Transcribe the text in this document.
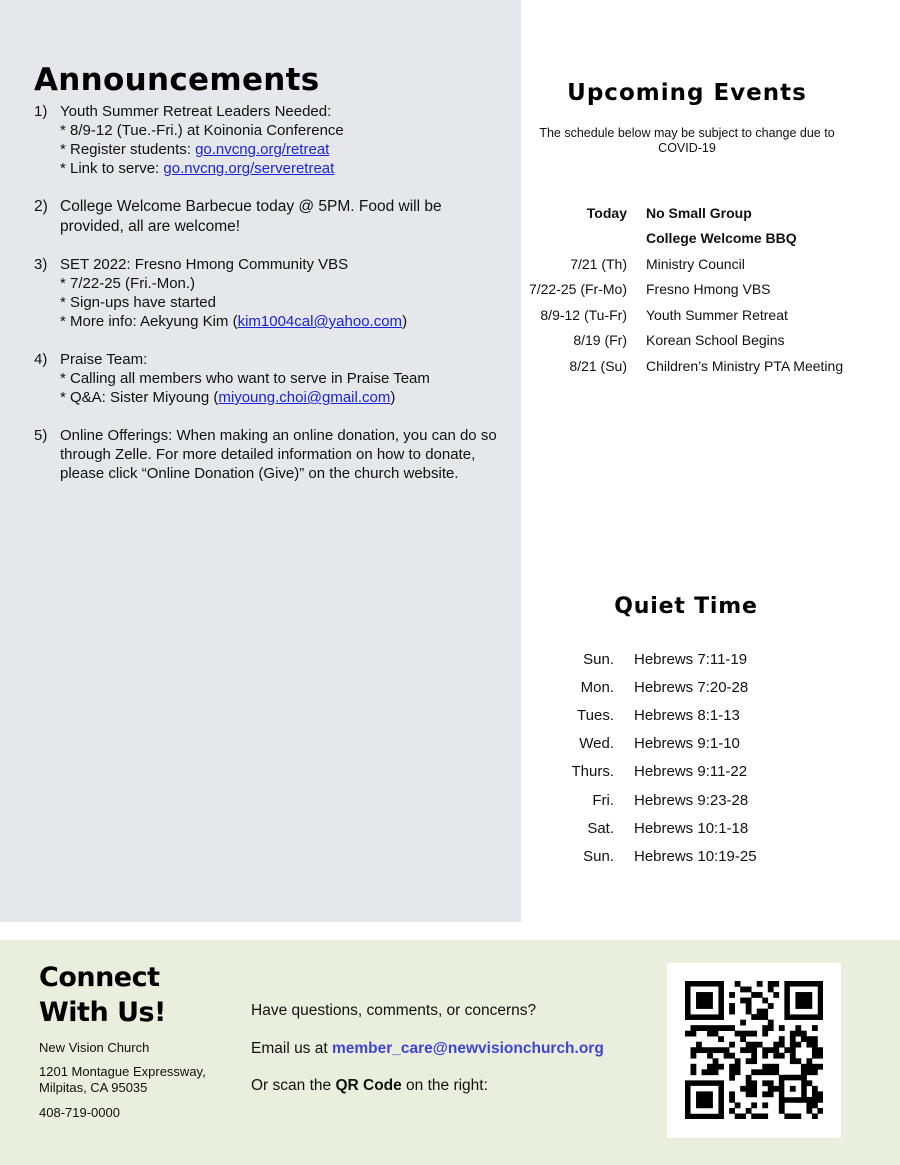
Announcements
1) Youth Summer Retreat Leaders Needed:
* 8/9-12 (Tue.-Fri.) at Koinonia Conference
* Register students: go.nvcng.org/retreat
* Link to serve: go.nvcng.org/serveretreat
2) College Welcome Barbecue today @ 5PM. Food will be provided, all are welcome!
3) SET 2022: Fresno Hmong Community VBS
* 7/22-25 (Fri.-Mon.)
* Sign-ups have started
* More info: Aekyung Kim (kim1004cal@yahoo.com)
4) Praise Team:
* Calling all members who want to serve in Praise Team
* Q&A: Sister Miyoung (miyoung.choi@gmail.com)
5) Online Offerings: When making an online donation, you can do so through Zelle. For more detailed information on how to donate, please click “Online Donation (Give)” on the church website.
Upcoming Events
The schedule below may be subject to change due to COVID-19
Today	No Small Group
College Welcome BBQ
7/21 (Th)	Ministry Council
7/22-25 (Fr-Mo)	Fresno Hmong VBS
8/9-12 (Tu-Fr)	Youth Summer Retreat
8/19 (Fr)	Korean School Begins
8/21 (Su)	Children’s Ministry PTA Meeting
Quiet Time
Sun.	Hebrews 7:11-19
Mon.	Hebrews 7:20-28
Tues.	Hebrews 8:1-13
Wed.	Hebrews 9:1-10
Thurs.	Hebrews 9:11-22
Fri.	Hebrews 9:23-28
Sat.	Hebrews 10:1-18
Sun.	Hebrews 10:19-25
Connect
With Us!
New Vision Church
1201 Montague Expressway,
Milpitas, CA 95035
408-719-0000
Have questions, comments, or concerns?
Email us at member_care@newvisionchurch.org
Or scan the QR Code on the right:
